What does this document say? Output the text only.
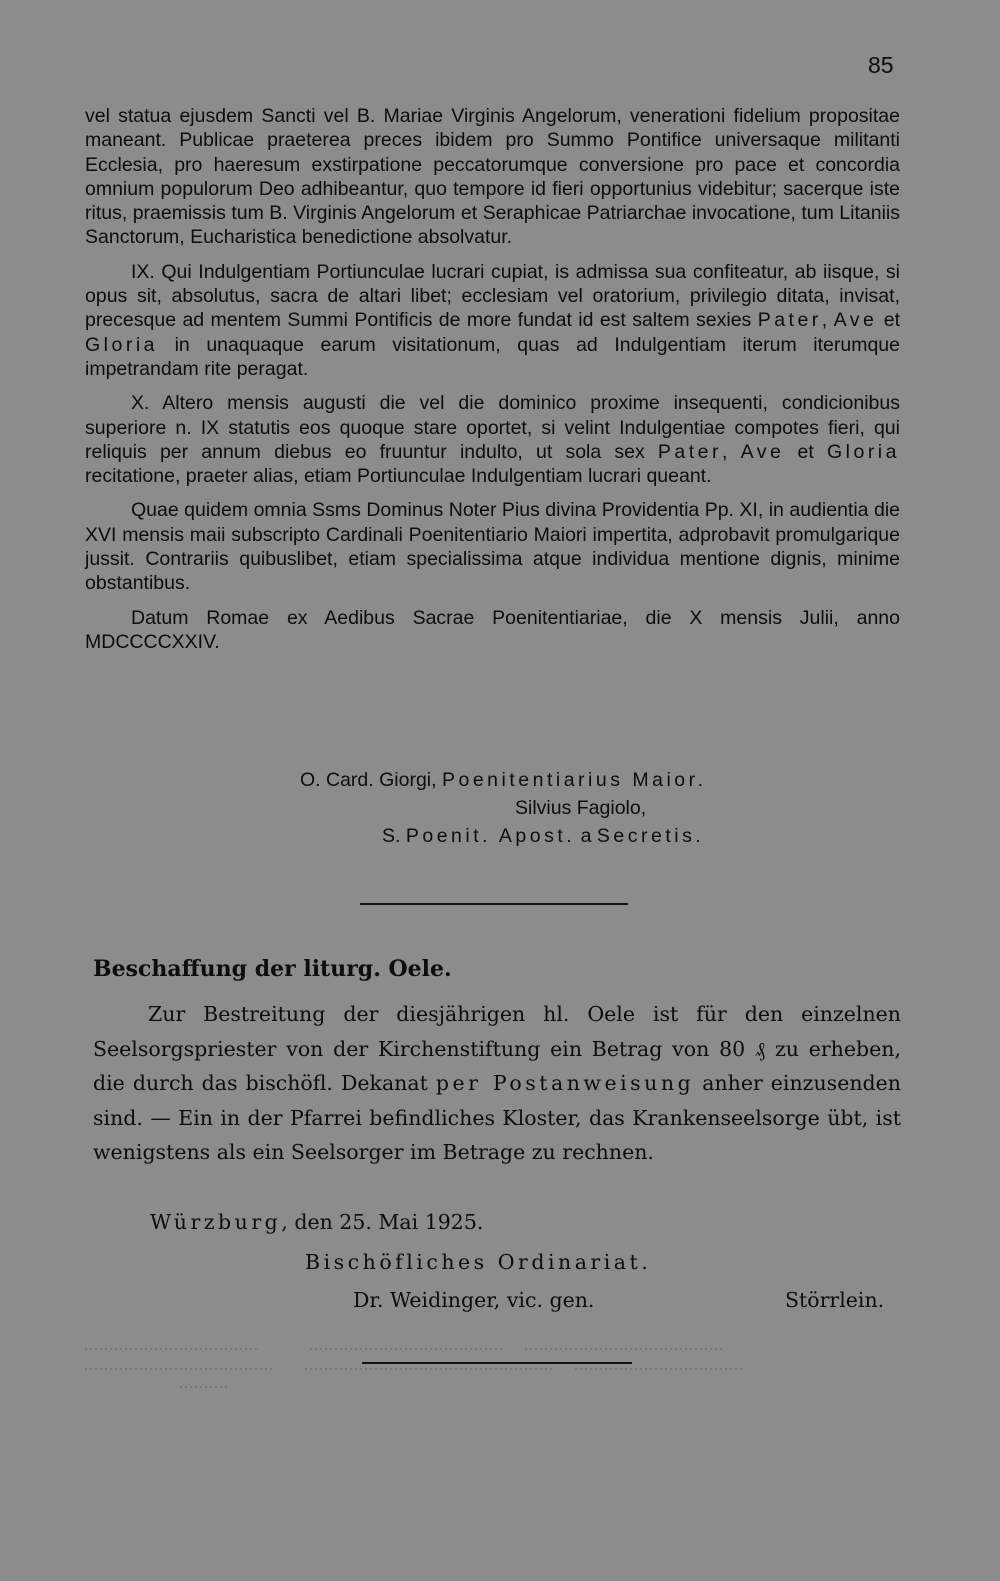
85

vel statua ejusdem Sancti vel B. Mariae Virginis Angelorum, venerationi fidelium propositae maneant. Publicae praeterea preces ibidem pro Summo Pontifice universaque militanti Ecclesia, pro haeresum exstirpatione peccatorumque conversione pro pace et concordia omnium populorum Deo adhibeantur, quo tempore id fieri opportunius videbitur; sacerque iste ritus, praemissis tum B. Virginis Angelorum et Seraphicae Patriarchae invocatione, tum Litaniis Sanctorum, Eucharistica benedictione absolvatur.

IX. Qui Indulgentiam Portiunculae lucrari cupiat, is admissa sua confiteatur, ab iisque, si opus sit, absolutus, sacra de altari libet; ecclesiam vel oratorium, privilegio ditata, invisat, precesque ad mentem Summi Pontificis de more fundat id est saltem sexies Pater, Ave et Gloria in unaquaque earum visitationum, quas ad Indulgentiam iterum iterumque impetrandam rite peragat.

X. Altero mensis augusti die vel die dominico proxime insequenti, condicionibus superiore n. IX statutis eos quoque stare oportet, si velint Indulgentiae compotes fieri, qui reliquis per annum diebus eo fruuntur indulto, ut sola sex Pater, Ave et Gloria recitatione, praeter alias, etiam Portiunculae Indulgentiam lucrari queant.

Quae quidem omnia Ssms Dominus Noter Pius divina Providentia Pp. XI, in audientia die XVI mensis maii subscripto Cardinali Poenitentiario Maiori impertita, adprobavit promulgarique jussit. Contrariis quibuslibet, etiam specialissima atque individua mentione dignis, minime obstantibus.

Datum Romae ex Aedibus Sacrae Poenitentiariae, die X mensis Julii, anno MDCCCCXXIV.

O. Card. Giorgi, Poenitentiarius Maior.
Silvius Fagiolo,
S. Poenit. Apost. a Secretis.
Beschaffung der liturg. Oele.

Zur Bestreitung der diesjährigen hl. Oele ist für den einzelnen Seelsorgspriester von der Kirchenstiftung ein Betrag von 80 ₰ zu erheben, die durch das bischöfl. Dekanat per Postanweisung anher einzusenden sind. — Ein in der Pfarrei befindliches Kloster, das Krankenseelsorge übt, ist wenigstens als ein Seelsorger im Betrage zu rechnen.

Würzburg, den 25. Mai 1925.
Bischöfliches Ordinariat.
Dr. Weidinger, vic. gen.	Störrlein.
